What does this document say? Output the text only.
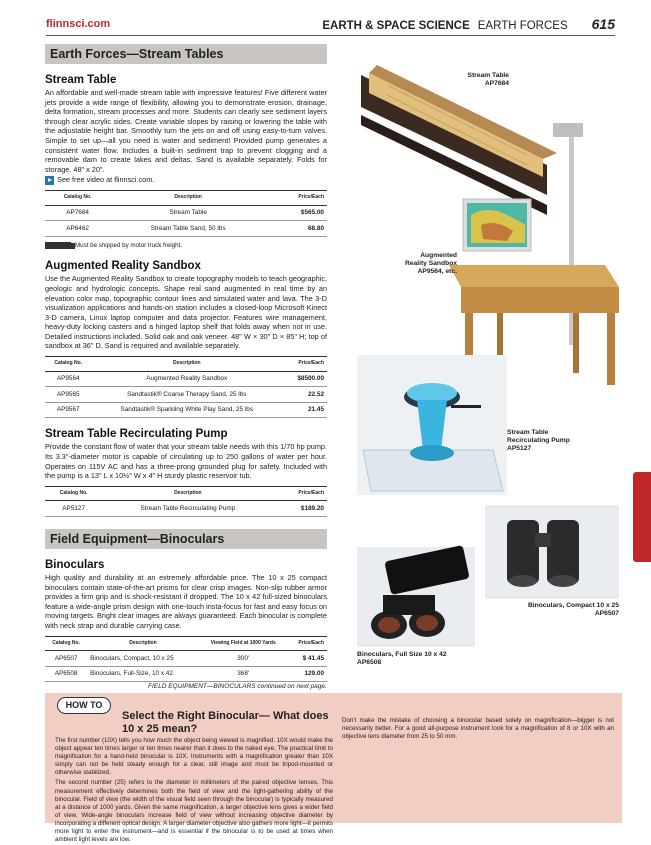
flinnsci.com	EARTH & SPACE SCIENCE EARTH FORCES 615
Earth Forces—Stream Tables
Stream Table
An affordable and well-made stream table with impressive features! Five different water jets provide a wide range of flexibility, allowing you to demonstrate erosion, drainage, delta formation, stream processes and more. Students can clearly see sediment layers through clear acrylic sides. Create variable slopes by raising or lowering the table with the adjustable height bar. Smoothly turn the jets on and off using easy-to-turn valves. Simple to set up—all you need is water and sediment! Provided pump generates a consistent water flow. Includes a built-in sediment trap to prevent clogging and a removable dam to create lakes and deltas. Sand is available separately. Folds for storage. 48" x 20".
See free video at flinnsci.com.
Catalog No.	Description	Price/Each
AP7684	Stream Table	$565.00
AP6462	Stream Table Sand, 50 lbs	68.80
Must be shipped by motor truck freight.
Augmented Reality Sandbox
Use the Augmented Reality Sandbox to create topography models to teach geographic, geologic and hydrologic concepts. Shape real sand augmented in real time by an elevation color map, topographic contour lines and simulated water and lava. The 3-D visualization applications and hands-on station includes a closed-loop Microsoft Kinect 3-D camera, Linux laptop computer and data projector. Features wire management, heavy-duty locking casters and a hinged laptop shelf that folds away when not in use. Detailed instructions included. Solid oak and oak veneer. 48" W × 30" D × 85" H; top of sandbox at 36" D. Sand is required and available separately.
Catalog No.	Description	Price/Each
AP9564	Augmented Reality Sandbox	$8500.00
AP9565	Sandtastik® Coarse Therapy Sand, 25 lbs	22.52
AP9567	Sandtastik® Sparkling White Play Sand, 25 lbs	21.45
Stream Table Recirculating Pump
Provide the constant flow of water that your stream table needs with this 1/70 hp pump. Its 3.3"-diameter motor is capable of circulating up to 250 gallons of water per hour. Operates on 115V AC and has a three-prong grounded plug for safety. Included with the pump is a 13" L x 10½" W x 4" H sturdy plastic reservoir tub.
Catalog No.	Description	Price/Each
AP5127	Stream Table Recirculating Pump	$189.20
Field Equipment—Binoculars
Binoculars
High quality and durability at an extremely affordable price. The 10 x 25 compact binoculars contain state-of-the-art prisms for clear crisp images. Non-slip rubber armor provides a firm grip and is shock-resistant if dropped. The 10 x 42 full-sized binoculars feature a wide-angle prism design with one-touch insta-focus for fast and easy focus on moving targets. Bright clear images are always guaranteed. Each binocular is complete with neck strap and durable carrying case.
Catalog No.	Description	Viewing Field at 1000 Yards	Price/Each
AP6507	Binoculars, Compact, 10 x 25	300'	$ 41.45
AP6508	Binoculars, Full-Size, 10 x 42	368'	129.00
FIELD EQUIPMENT—BINOCULARS continued on next page.
Stream Table
AP7684
Augmented
Reality Sandbox
AP9564, etc.
Stream Table
Recirculating Pump
AP5127
Binoculars, Compact 10 x 25
AP6507
Binoculars, Full Size 10 x 42
AP6508
HOW TO
Select the Right Binocular— What does 10 x 25 mean?

The first number (10X) tells you how much the object being viewed is magnified. 10X would make the object appear ten times larger or ten times nearer than it does to the naked eye. The practical limit to magnification for a hand-held binocular is 10X. Instruments with a magnification greater than 10X simply can not be held steady enough for a clear, still image and must be tripod-mounted or otherwise stabilized.

The second number (25) refers to the diameter in millimeters of the paired objective lenses. This measurement effectively determines both the field of view and the light-gathering ability of the binocular. Field of view (the width of the visual field seen through the binocular) is typically measured at a distance of 1000 yards. Given the same magnification, a larger objective lens gives a wider field of view. Wide-angle binoculars increase field of view without increasing objective diameter by incorporating a different optical design. A larger diameter objective also gathers more light—it permits more light to enter the instrument—and is essential if the binocular is to be used at times when ambient light levels are low.

Don't make the mistake of choosing a binocular based solely on magnification—bigger is not necessarily better. For a good all-purpose instrument look for a magnification of 8 or 10X with an objective lens diameter from 25 to 50 mm.
